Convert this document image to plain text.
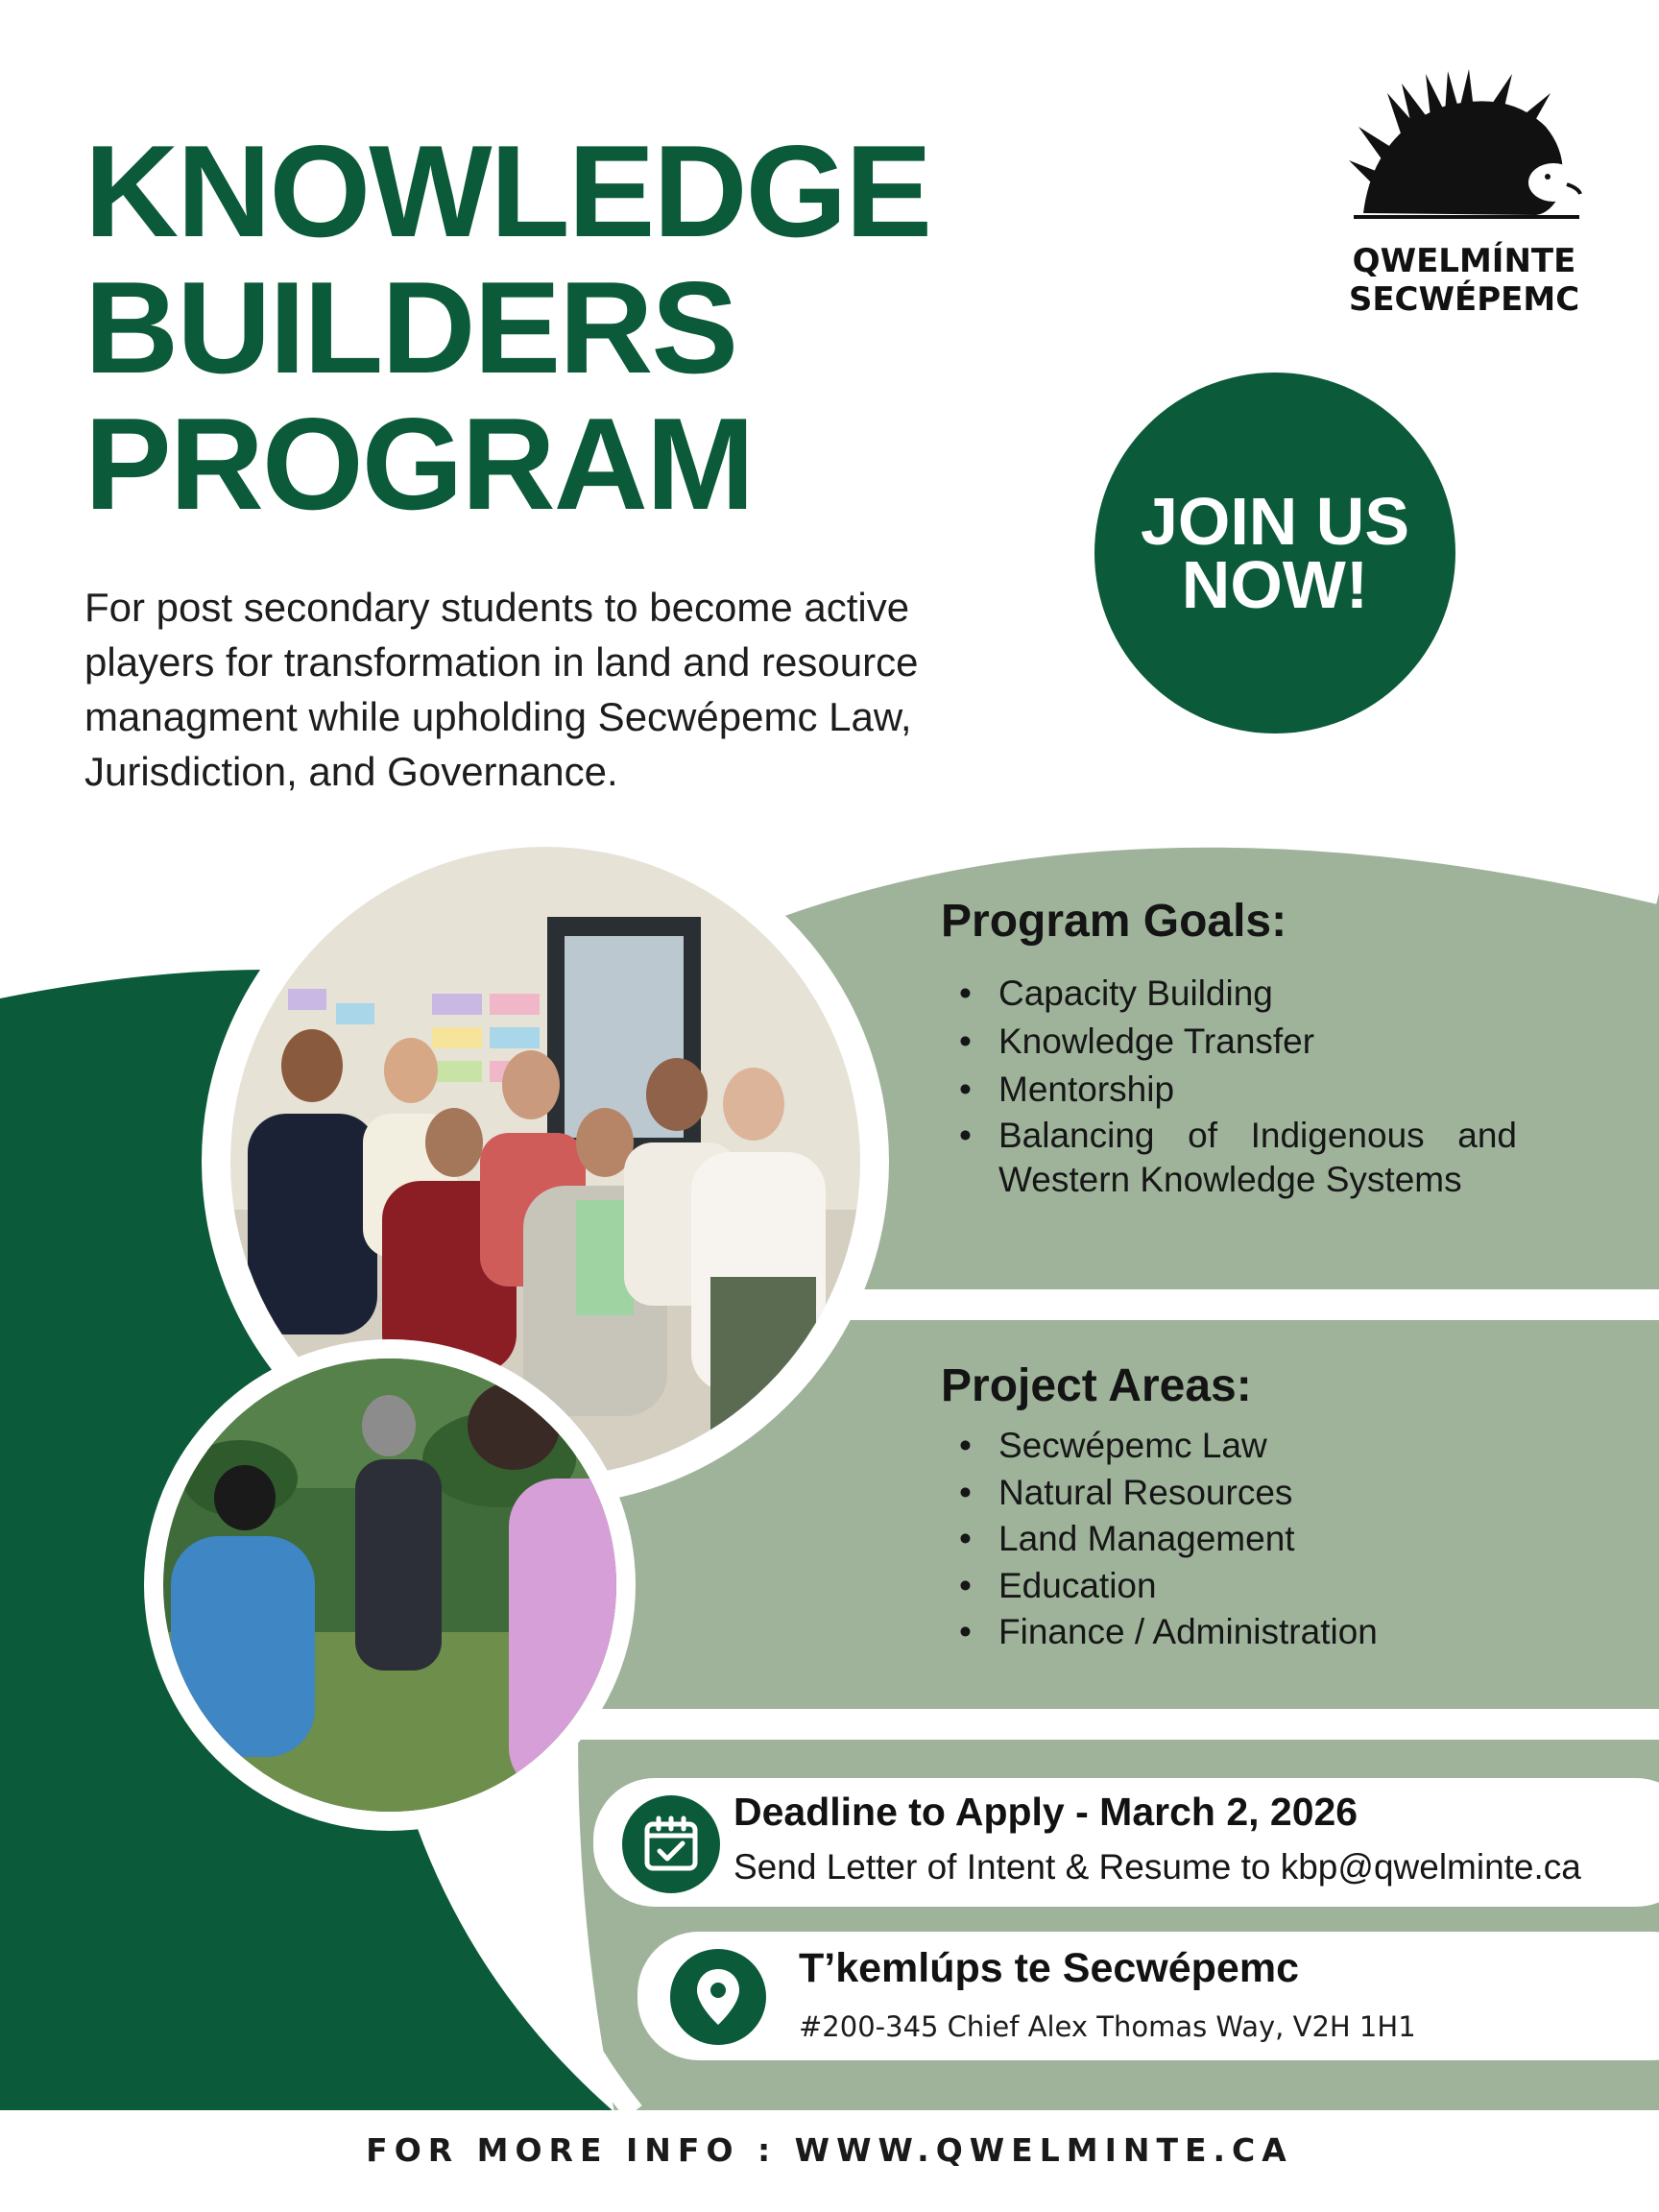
KNOWLEDGE
BUILDERS
PROGRAM

For post secondary students to become active players for transformation in land and resource managment while upholding Secwépemc Law, Jurisdiction, and Governance.

QWELMÍNTE
SECWÉPEMC
JOIN US
NOW!
Program Goals:
• Capacity Building
• Knowledge Transfer
• Mentorship
• Balancing of Indigenous and Western Knowledge Systems
Project Areas:
• Secwépemc Law
• Natural Resources
• Land Management
• Education
• Finance / Administration

Deadline to Apply - March 2, 2026

Send Letter of Intent & Resume to kbp@qwelminte.ca

T’kemlúps te Secwépemc

#200-345 Chief Alex Thomas Way, V2H 1H1

FOR MORE INFO : WWW.QWELMINTE.CA
